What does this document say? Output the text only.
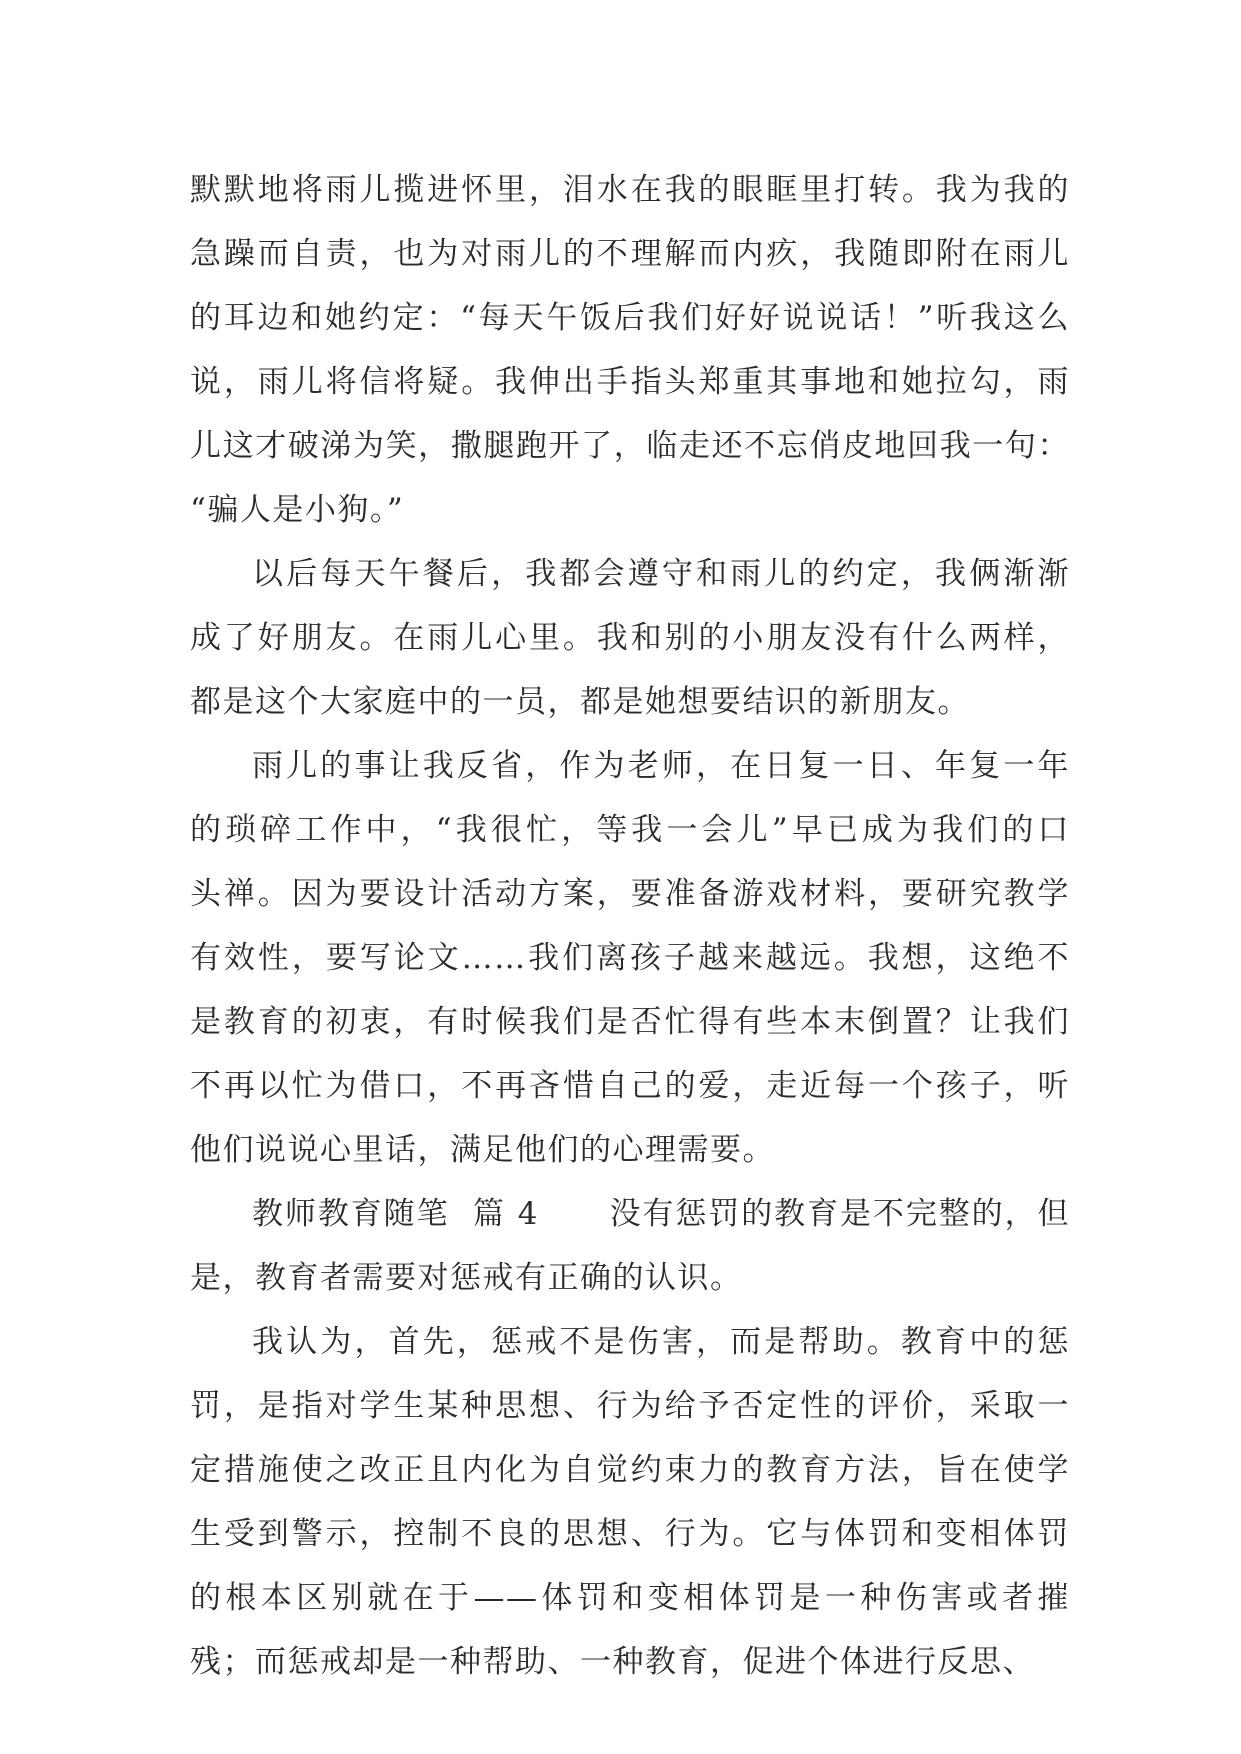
默默地将雨儿揽进怀里，泪水在我的眼眶里打转。我为我的
急躁而自责，也为对雨儿的不理解而内疚，我随即附在雨儿
的耳边和她约定：“每天午饭后我们好好说说话！”听我这么
说，雨儿将信将疑。我伸出手指头郑重其事地和她拉勾，雨
儿这才破涕为笑，撒腿跑开了，临走还不忘俏皮地回我一句：
“骗人是小狗。”
以后每天午餐后，我都会遵守和雨儿的约定，我俩渐渐
成了好朋友。在雨儿心里。我和别的小朋友没有什么两样，
都是这个大家庭中的一员，都是她想要结识的新朋友。
雨儿的事让我反省，作为老师，在日复一日、年复一年
的琐碎工作中，“我很忙，等我一会儿”早已成为我们的口
头禅。因为要设计活动方案，要准备游戏材料，要研究教学
有效性，要写论文……我们离孩子越来越远。我想，这绝不
是教育的初衷，有时候我们是否忙得有些本末倒置？让我们
不再以忙为借口，不再吝惜自己的爱，走近每一个孩子，听
他们说说心里话，满足他们的心理需要。
教师教育随笔  篇 4      没有惩罚的教育是不完整的，但
是，教育者需要对惩戒有正确的认识。
我认为，首先，惩戒不是伤害，而是帮助。教育中的惩
罚，是指对学生某种思想、行为给予否定性的评价，采取一
定措施使之改正且内化为自觉约束力的教育方法，旨在使学
生受到警示，控制不良的思想、行为。它与体罚和变相体罚
的根本区别就在于——体罚和变相体罚是一种伤害或者摧
残；而惩戒却是一种帮助、一种教育，促进个体进行反思、
